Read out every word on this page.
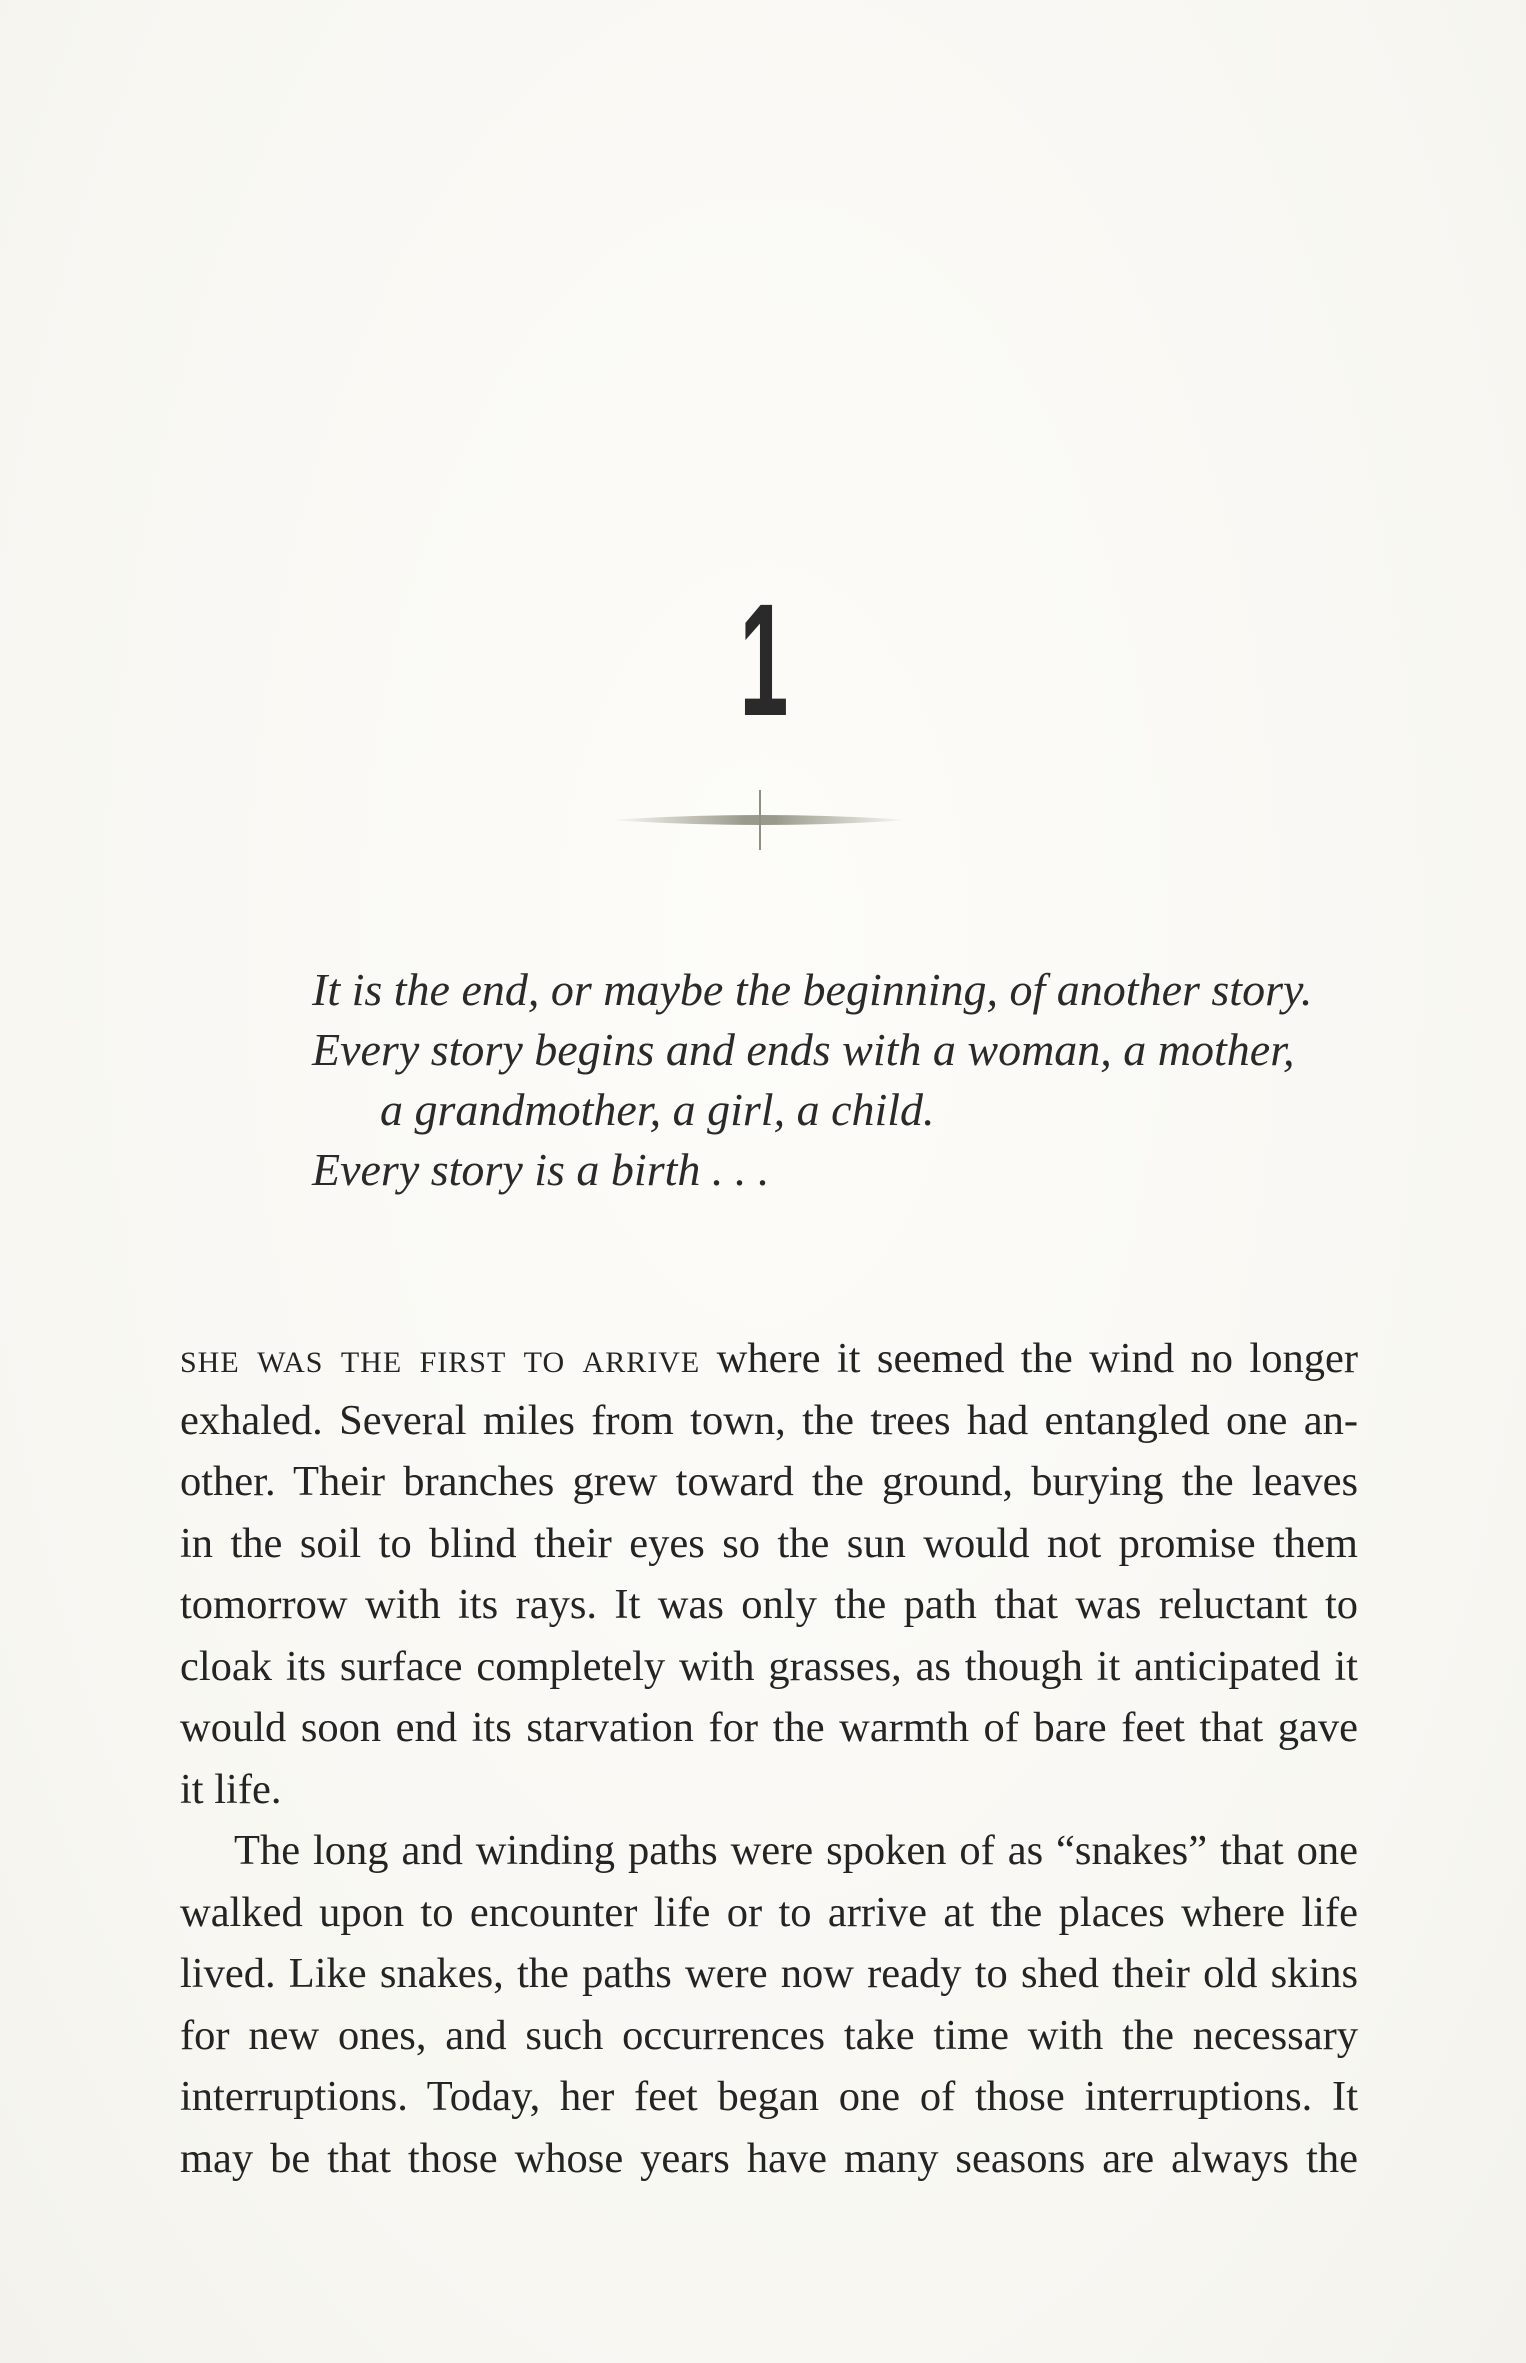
1
It is the end, or maybe the beginning, of another story.
Every story begins and ends with a woman, a mother,
a grandmother, a girl, a child.
Every story is a birth . . .
she was the first to arrive where it seemed the wind no longer
exhaled. Several miles from town, the trees had entangled one an-
other. Their branches grew toward the ground, burying the leaves
in the soil to blind their eyes so the sun would not promise them
tomorrow with its rays. It was only the path that was reluctant to
cloak its surface completely with grasses, as though it anticipated it
would soon end its starvation for the warmth of bare feet that gave
it life.
The long and winding paths were spoken of as “snakes” that one
walked upon to encounter life or to arrive at the places where life
lived. Like snakes, the paths were now ready to shed their old skins
for new ones, and such occurrences take time with the necessary
interruptions. Today, her feet began one of those interruptions. It
may be that those whose years have many seasons are always the
